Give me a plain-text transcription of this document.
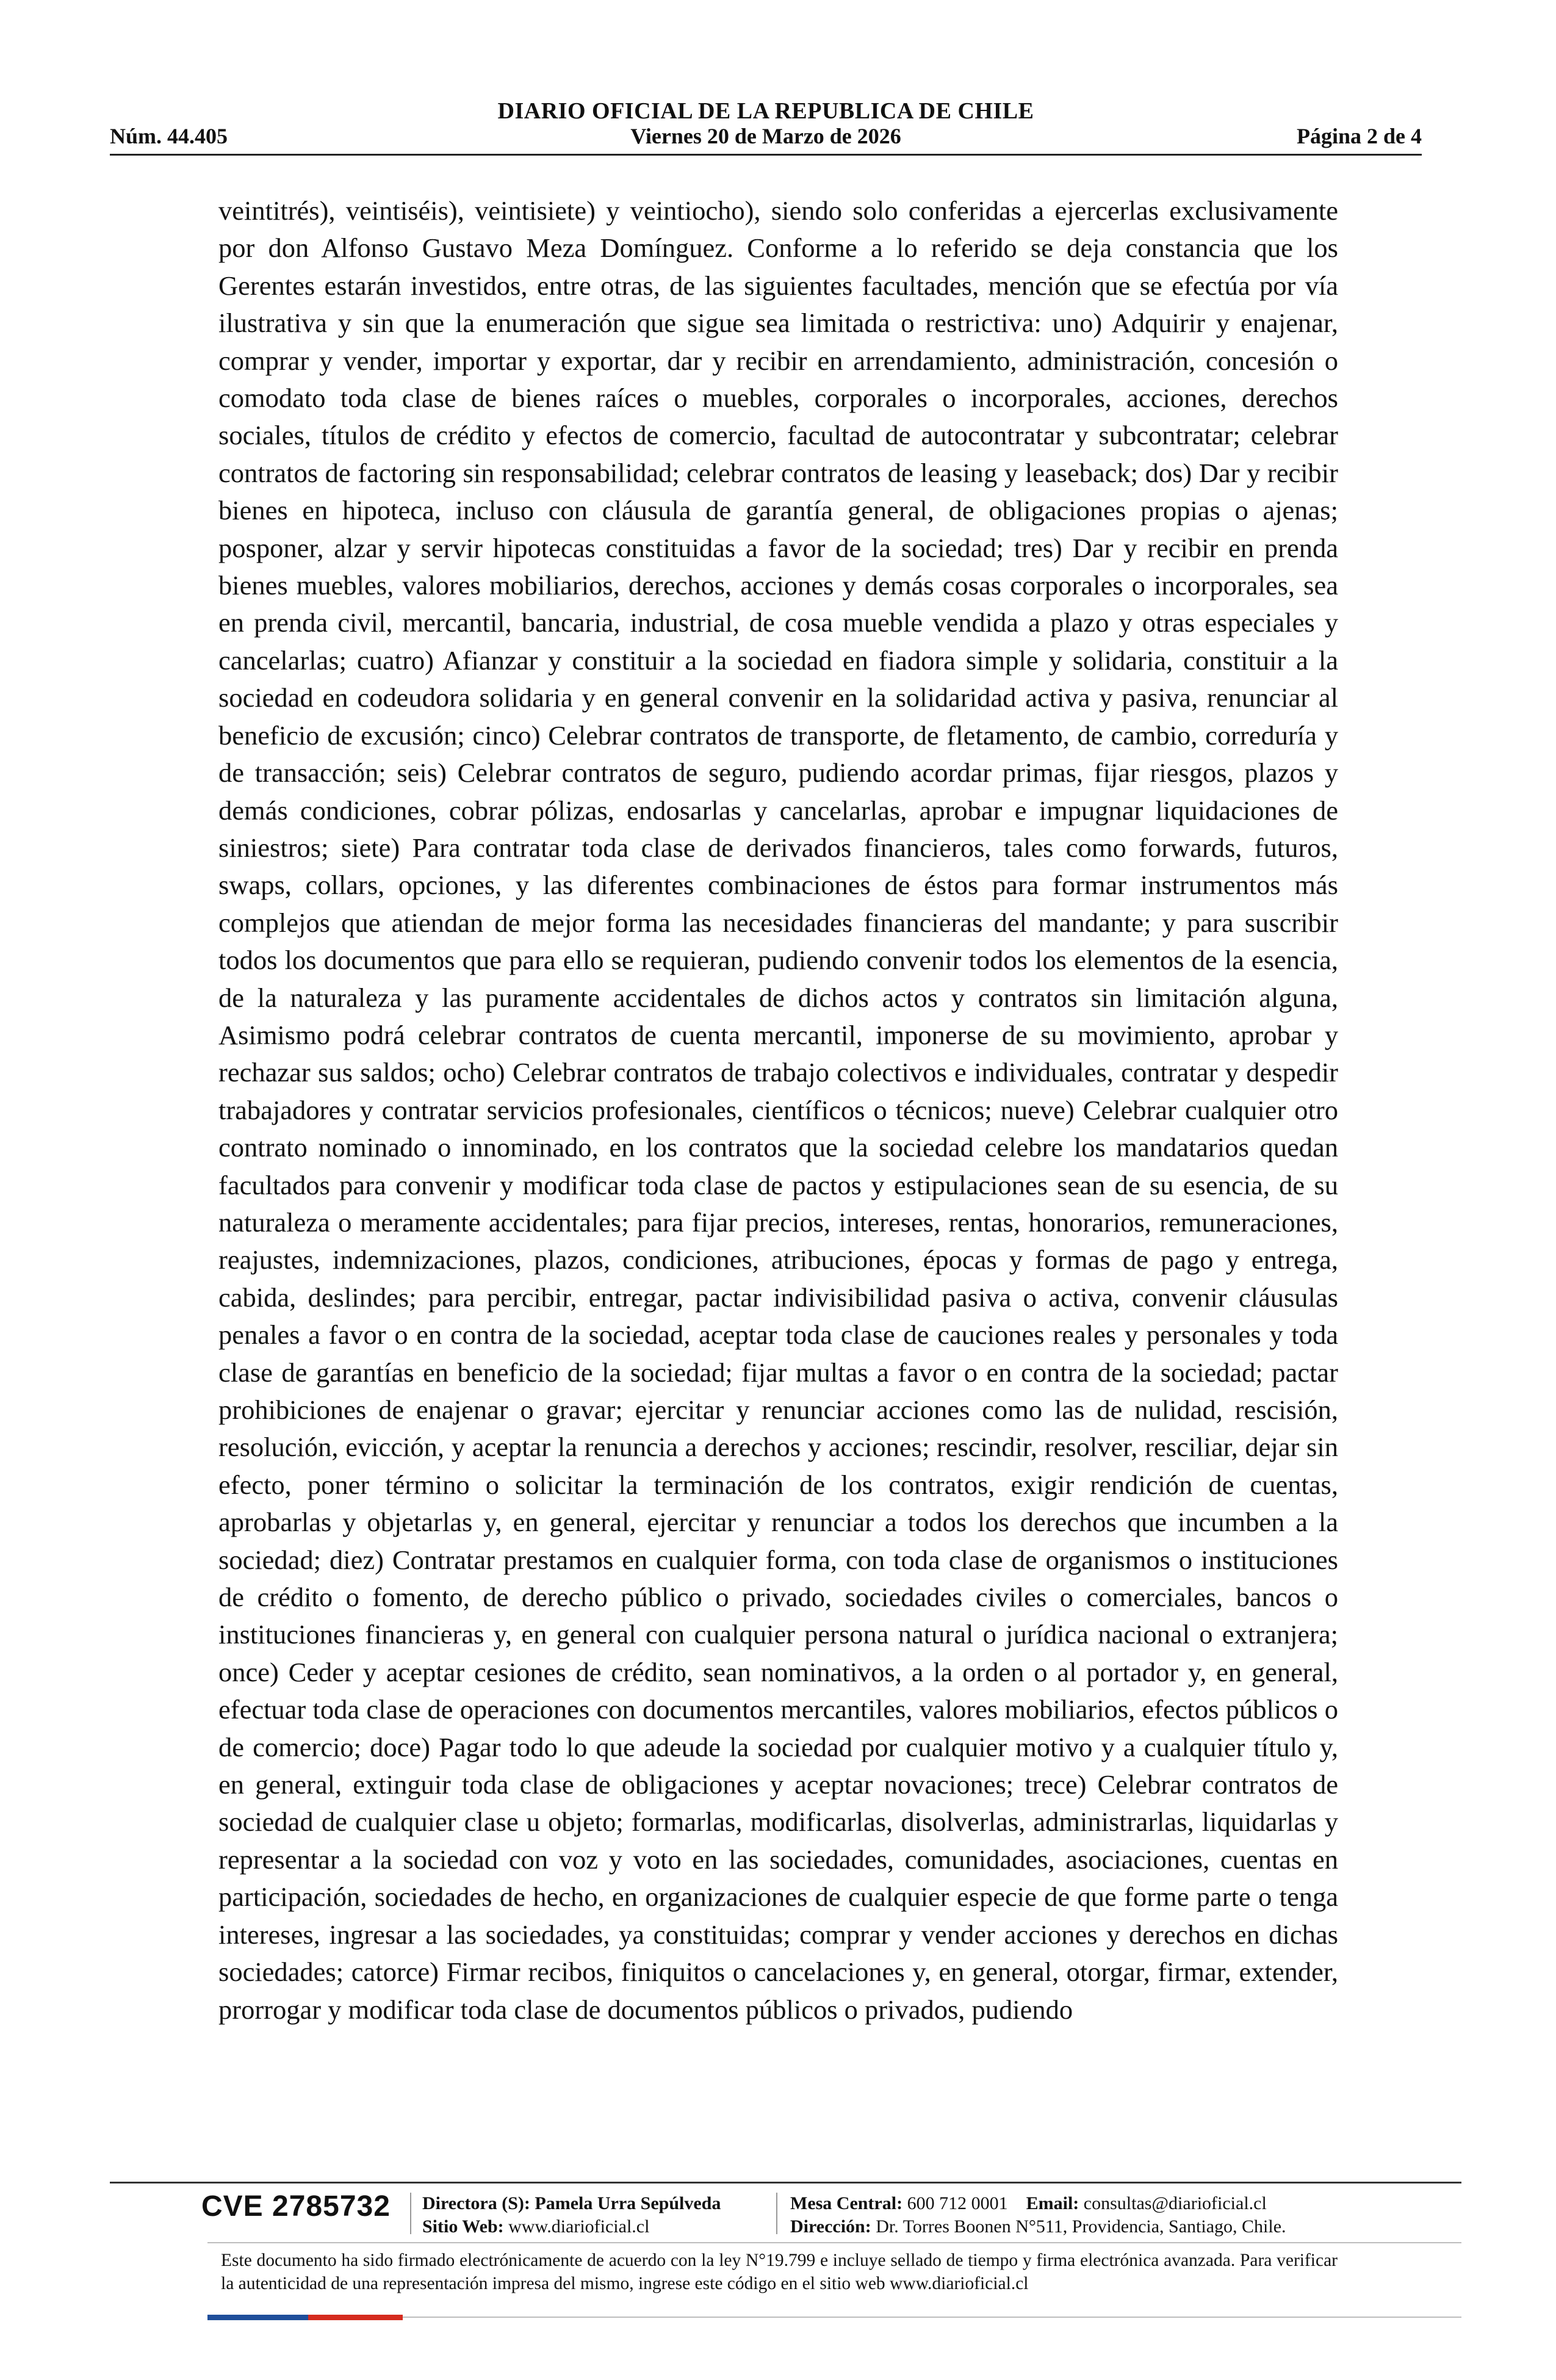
DIARIO OFICIAL DE LA REPUBLICA DE CHILE
Núm. 44.405	Viernes 20 de Marzo de 2026	Página 2 de 4
veintitrés), veintiséis), veintisiete) y veintiocho), siendo solo conferidas a ejercerlas exclusivamente por don Alfonso Gustavo Meza Domínguez. Conforme a lo referido se deja constancia que los Gerentes estarán investidos, entre otras, de las siguientes facultades, mención que se efectúa por vía ilustrativa y sin que la enumeración que sigue sea limitada o restrictiva: uno) Adquirir y enajenar, comprar y vender, importar y exportar, dar y recibir en arrendamiento, administración, concesión o comodato toda clase de bienes raíces o muebles, corporales o incorporales, acciones, derechos sociales, títulos de crédito y efectos de comercio, facultad de autocontratar y subcontratar; celebrar contratos de factoring sin responsabilidad; celebrar contratos de leasing y leaseback; dos) Dar y recibir bienes en hipoteca, incluso con cláusula de garantía general, de obligaciones propias o ajenas; posponer, alzar y servir hipotecas constituidas a favor de la sociedad; tres) Dar y recibir en prenda bienes muebles, valores mobiliarios, derechos, acciones y demás cosas corporales o incorporales, sea en prenda civil, mercantil, bancaria, industrial, de cosa mueble vendida a plazo y otras especiales y cancelarlas; cuatro) Afianzar y constituir a la sociedad en fiadora simple y solidaria, constituir a la sociedad en codeudora solidaria y en general convenir en la solidaridad activa y pasiva, renunciar al beneficio de excusión; cinco) Celebrar contratos de transporte, de fletamento, de cambio, correduría y de transacción; seis) Celebrar contratos de seguro, pudiendo acordar primas, fijar riesgos, plazos y demás condiciones, cobrar pólizas, endosarlas y cancelarlas, aprobar e impugnar liquidaciones de siniestros; siete) Para contratar toda clase de derivados financieros, tales como forwards, futuros, swaps, collars, opciones, y las diferentes combinaciones de éstos para formar instrumentos más complejos que atiendan de mejor forma las necesidades financieras del mandante; y para suscribir todos los documentos que para ello se requieran, pudiendo convenir todos los elementos de la esencia, de la naturaleza y las puramente accidentales de dichos actos y contratos sin limitación alguna, Asimismo podrá celebrar contratos de cuenta mercantil, imponerse de su movimiento, aprobar y rechazar sus saldos; ocho) Celebrar contratos de trabajo colectivos e individuales, contratar y despedir trabajadores y contratar servicios profesionales, científicos o técnicos; nueve) Celebrar cualquier otro contrato nominado o innominado, en los contratos que la sociedad celebre los mandatarios quedan facultados para convenir y modificar toda clase de pactos y estipulaciones sean de su esencia, de su naturaleza o meramente accidentales; para fijar precios, intereses, rentas, honorarios, remuneraciones, reajustes, indemnizaciones, plazos, condiciones, atribuciones, épocas y formas de pago y entrega, cabida, deslindes; para percibir, entregar, pactar indivisibilidad pasiva o activa, convenir cláusulas penales a favor o en contra de la sociedad, aceptar toda clase de cauciones reales y personales y toda clase de garantías en beneficio de la sociedad; fijar multas a favor o en contra de la sociedad; pactar prohibiciones de enajenar o gravar; ejercitar y renunciar acciones como las de nulidad, rescisión, resolución, evicción, y aceptar la renuncia a derechos y acciones; rescindir, resolver, resciliar, dejar sin efecto, poner término o solicitar la terminación de los contratos, exigir rendición de cuentas, aprobarlas y objetarlas y, en general, ejercitar y renunciar a todos los derechos que incumben a la sociedad; diez) Contratar prestamos en cualquier forma, con toda clase de organismos o instituciones de crédito o fomento, de derecho público o privado, sociedades civiles o comerciales, bancos o instituciones financieras y, en general con cualquier persona natural o jurídica nacional o extranjera; once) Ceder y aceptar cesiones de crédito, sean nominativos, a la orden o al portador y, en general, efectuar toda clase de operaciones con documentos mercantiles, valores mobiliarios, efectos públicos o de comercio; doce) Pagar todo lo que adeude la sociedad por cualquier motivo y a cualquier título y, en general, extinguir toda clase de obligaciones y aceptar novaciones; trece) Celebrar contratos de sociedad de cualquier clase u objeto; formarlas, modificarlas, disolverlas, administrarlas, liquidarlas y representar a la sociedad con voz y voto en las sociedades, comunidades, asociaciones, cuentas en participación, sociedades de hecho, en organizaciones de cualquier especie de que forme parte o tenga intereses, ingresar a las sociedades, ya constituidas; comprar y vender acciones y derechos en dichas sociedades; catorce) Firmar recibos, finiquitos o cancelaciones y, en general, otorgar, firmar, extender, prorrogar y modificar toda clase de documentos públicos o privados, pudiendo
CVE 2785732 Directora (S): Pamela Urra Sepúlveda
Sitio Web: www.diarioficial.cl
Mesa Central: 600 712 0001 Email: consultas@diarioficial.cl
Dirección: Dr. Torres Boonen N°511, Providencia, Santiago, Chile.
Este documento ha sido firmado electrónicamente de acuerdo con la ley N°19.799 e incluye sellado de tiempo y firma electrónica avanzada. Para verificar la autenticidad de una representación impresa del mismo, ingrese este código en el sitio web www.diarioficial.cl
